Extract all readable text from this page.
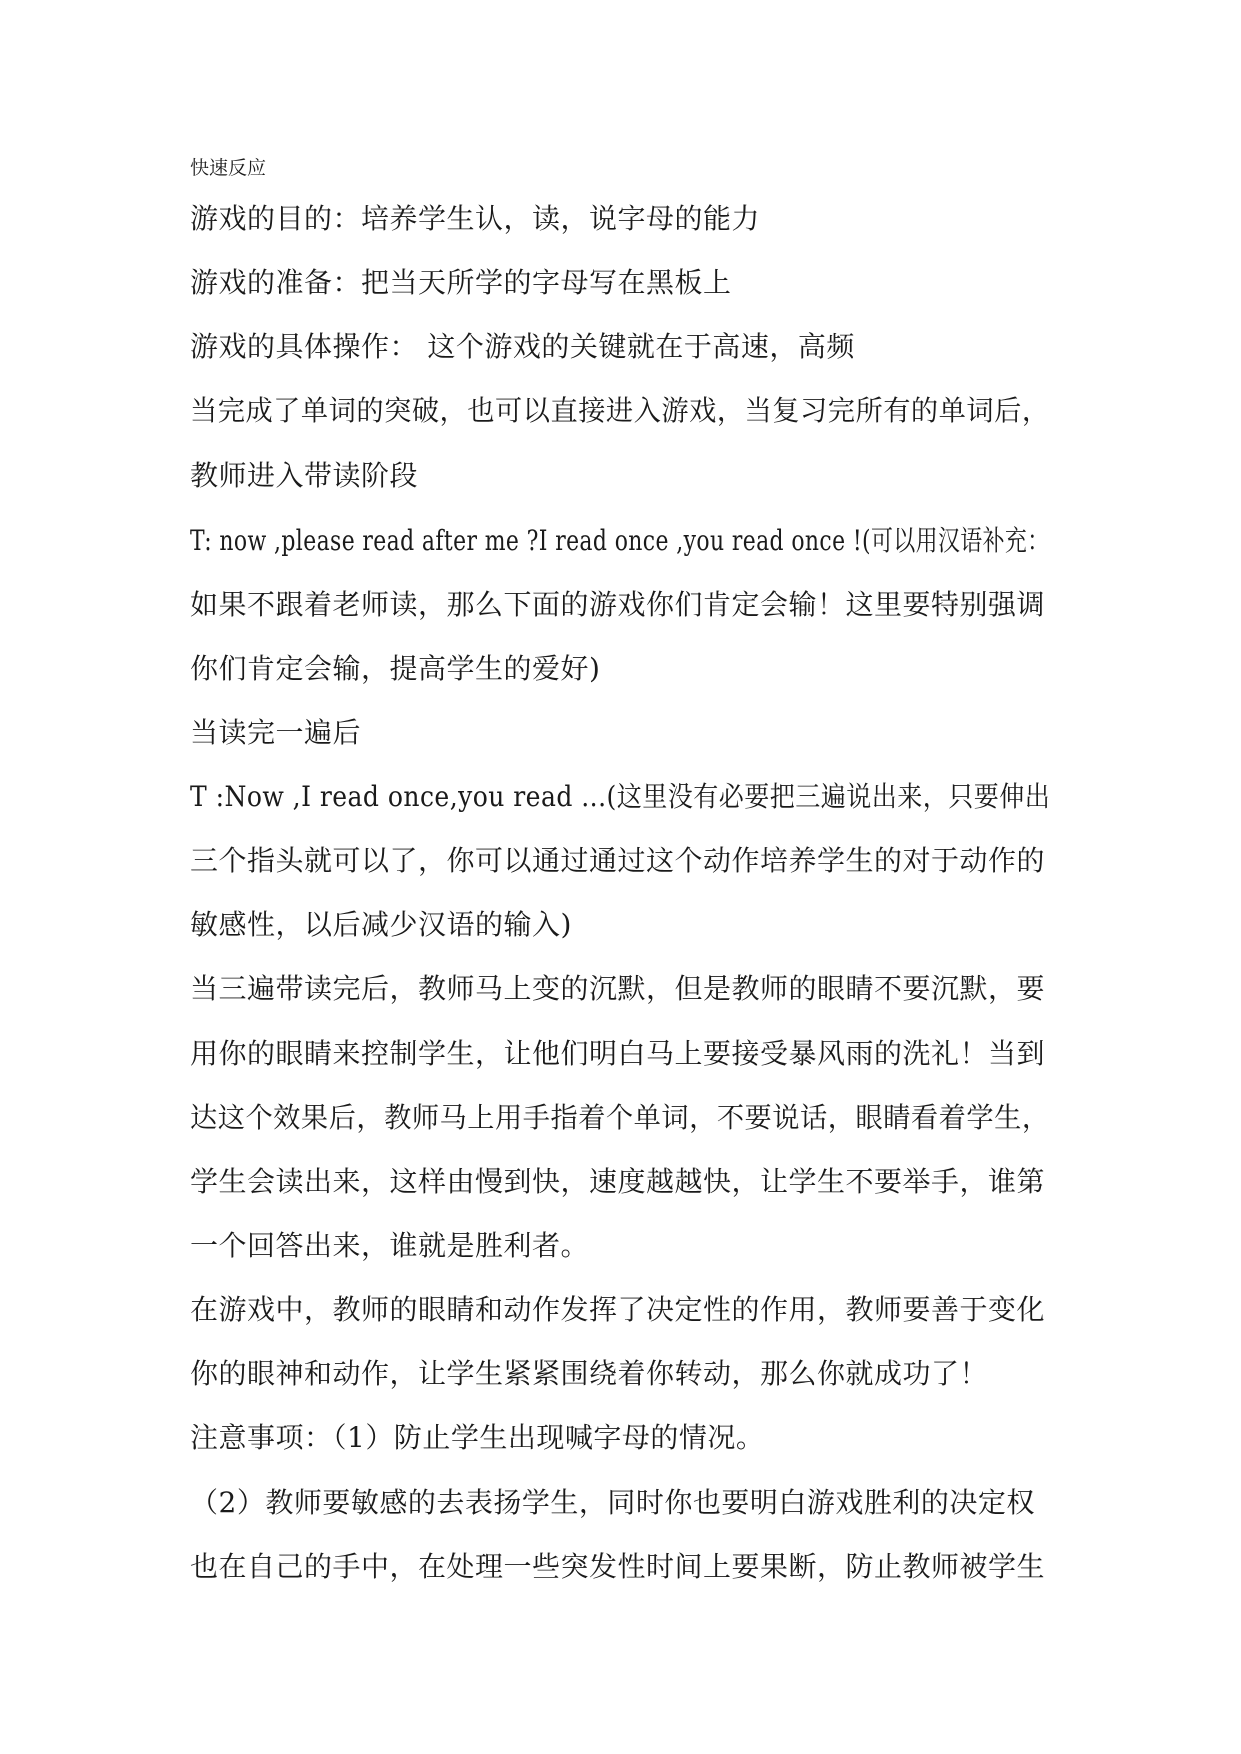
快速反应
游戏的目的：培养学生认，读，说字母的能力
游戏的准备：把当天所学的字母写在黑板上
游戏的具体操作： 这个游戏的关键就在于高速，高频
当完成了单词的突破，也可以直接进入游戏，当复习完所有的单词后，
教师进入带读阶段
T: now ,please read after me ?I read once ,you read once !(可以用汉语补充：
如果不跟着老师读，那么下面的游戏你们肯定会输！这里要特别强调
你们肯定会输，提高学生的爱好)
当读完一遍后
T :Now ,I read once,you read ...(这里没有必要把三遍说出来，只要伸出
三个指头就可以了，你可以通过通过这个动作培养学生的对于动作的
敏感性，以后减少汉语的输入)
当三遍带读完后，教师马上变的沉默，但是教师的眼睛不要沉默，要
用你的眼睛来控制学生，让他们明白马上要接受暴风雨的洗礼！当到
达这个效果后，教师马上用手指着个单词，不要说话，眼睛看着学生，
学生会读出来，这样由慢到快，速度越越快，让学生不要举手，谁第
一个回答出来，谁就是胜利者。
在游戏中，教师的眼睛和动作发挥了决定性的作用，教师要善于变化
你的眼神和动作，让学生紧紧围绕着你转动，那么你就成功了！
注意事项：（1）防止学生出现喊字母的情况。
（2）教师要敏感的去表扬学生，同时你也要明白游戏胜利的决定权
也在自己的手中，在处理一些突发性时间上要果断，防止教师被学生
